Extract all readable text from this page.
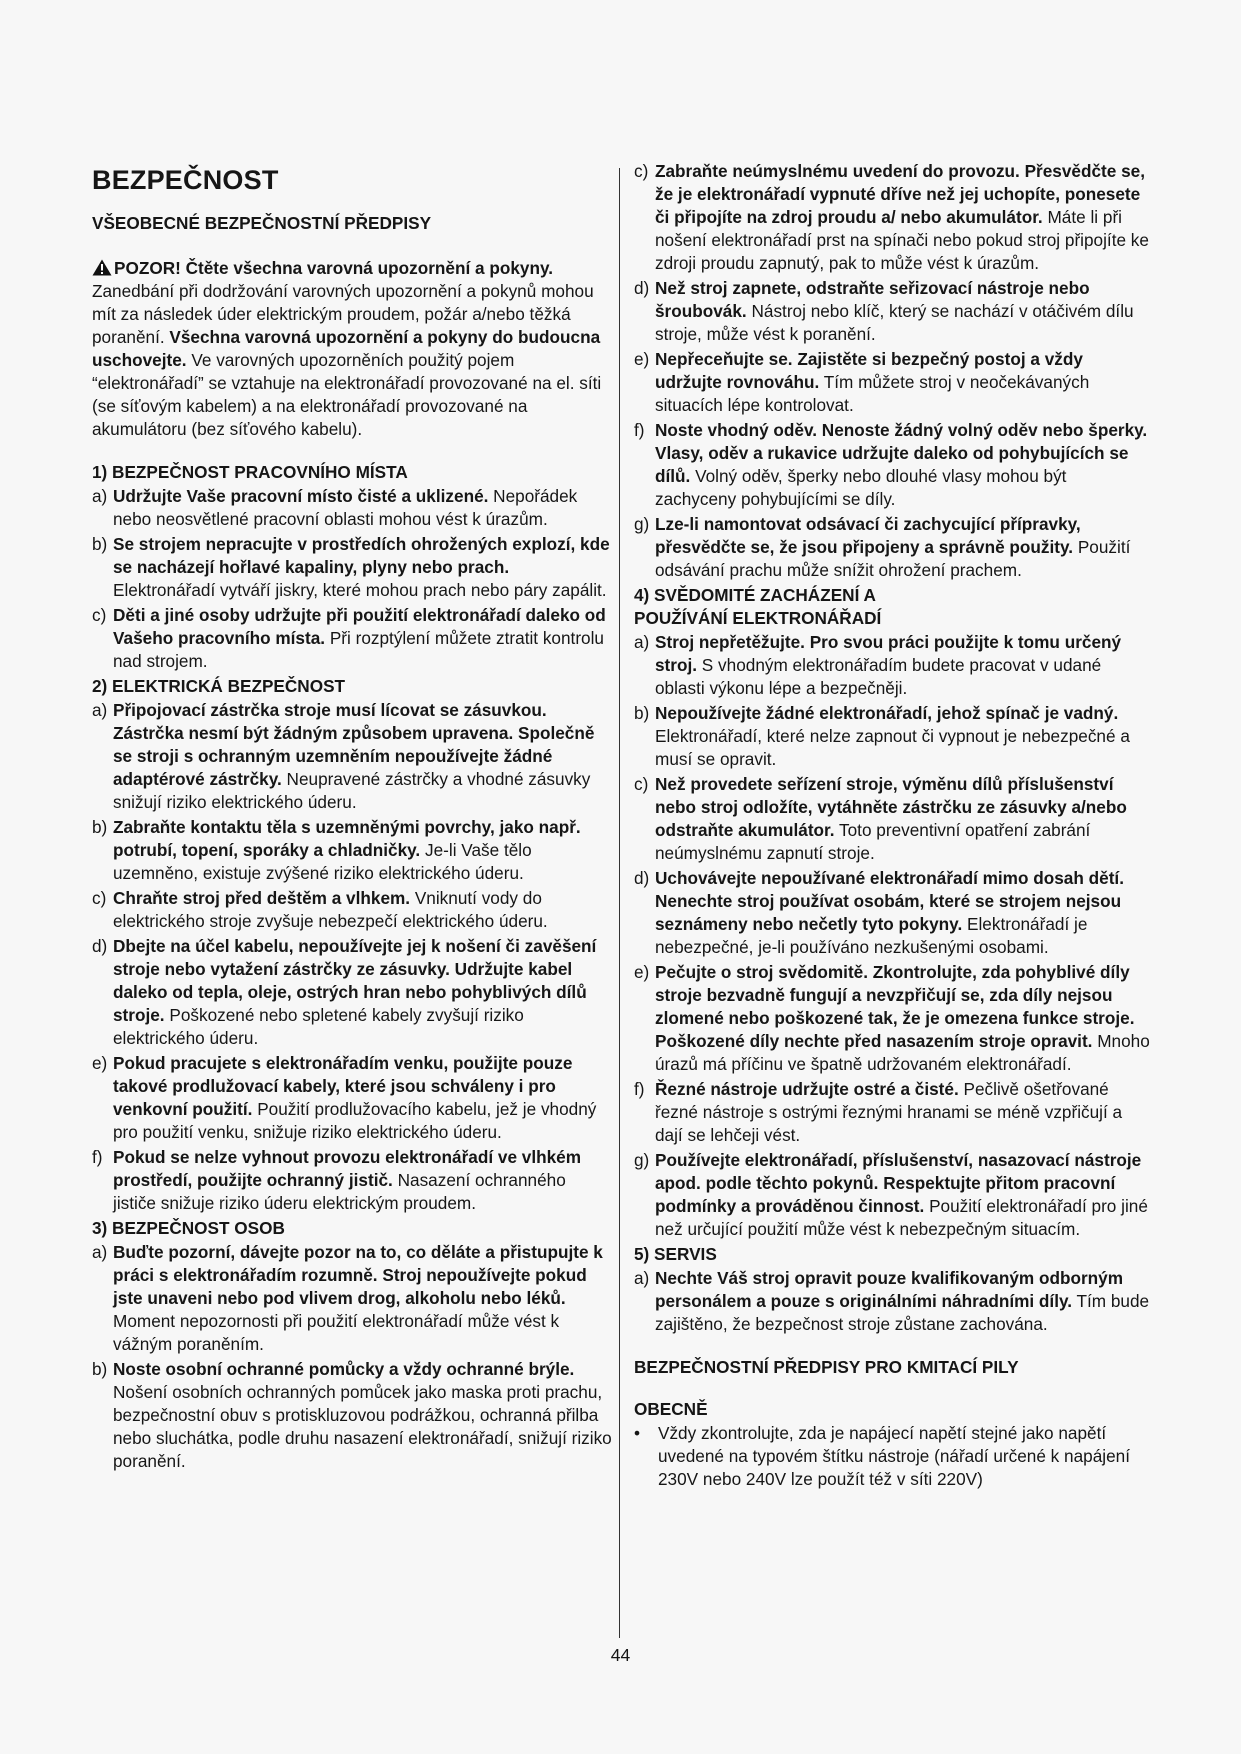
BEZPEČNOST
VŠEOBECNÉ BEZPEČNOSTNÍ PŘEDPISY
POZOR! Čtěte všechna varovná upozornění a pokyny. Zanedbání při dodržování varovných upozornění a pokynů mohou mít za následek úder elektrickým proudem, požár a/nebo těžká poranění. Všechna varovná upozornění a pokyny do budoucna uschovejte. Ve varovných upozorněních použitý pojem “elektronářadí” se vztahuje na elektronářadí provozované na el. síti (se síťovým kabelem) a na elektronářadí provozované na akumulátoru (bez síťového kabelu).
1) BEZPEČNOST PRACOVNÍHO MÍSTA
a) Udržujte Vaše pracovní místo čisté a uklizené. Nepořádek nebo neosvětlené pracovní oblasti mohou vést k úrazům.
b) Se strojem nepracujte v prostředích ohrožených explozí, kde se nacházejí hořlavé kapaliny, plyny nebo prach. Elektronářadí vytváří jiskry, které mohou prach nebo páry zapálit.
c) Děti a jiné osoby udržujte při použití elektronářadí daleko od Vašeho pracovního místa. Při rozptýlení můžete ztratit kontrolu nad strojem.
2) ELEKTRICKÁ BEZPEČNOST
a) Připojovací zástrčka stroje musí lícovat se zásuvkou. Zástrčka nesmí být žádným způsobem upravena. Společně se stroji s ochranným uzemněním nepoužívejte žádné adaptérové zástrčky. Neupravené zástrčky a vhodné zásuvky snižují riziko elektrického úderu.
b) Zabraňte kontaktu těla s uzemněnými povrchy, jako např. potrubí, topení, sporáky a chladničky. Je-li Vaše tělo uzemněno, existuje zvýšené riziko elektrického úderu.
c) Chraňte stroj před deštěm a vlhkem. Vniknutí vody do elektrického stroje zvyšuje nebezpečí elektrického úderu.
d) Dbejte na účel kabelu, nepoužívejte jej k nošení či zavěšení stroje nebo vytažení zástrčky ze zásuvky. Udržujte kabel daleko od tepla, oleje, ostrých hran nebo pohyblivých dílů stroje. Poškozené nebo spletené kabely zvyšují riziko elektrického úderu.
e) Pokud pracujete s elektronářadím venku, použijte pouze takové prodlužovací kabely, které jsou schváleny i pro venkovní použití. Použití prodlužovacího kabelu, jež je vhodný pro použití venku, snižuje riziko elektrického úderu.
f) Pokud se nelze vyhnout provozu elektronářadí ve vlhkém prostředí, použijte ochranný jistič. Nasazení ochranného jističe snižuje riziko úderu elektrickým proudem.
3) BEZPEČNOST OSOB
a) Buďte pozorní, dávejte pozor na to, co děláte a přistupujte k práci s elektronářadím rozumně. Stroj nepoužívejte pokud jste unaveni nebo pod vlivem drog, alkoholu nebo léků. Moment nepozornosti při použití elektronářadí může vést k vážným poraněním.
b) Noste osobní ochranné pomůcky a vždy ochranné brýle. Nošení osobních ochranných pomůcek jako maska proti prachu, bezpečnostní obuv s protiskluzovou podrážkou, ochranná přilba nebo sluchátka, podle druhu nasazení elektronářadí, snižují riziko poranění.
c) Zabraňte neúmyslnému uvedení do provozu. Přesvědčte se, že je elektronářadí vypnuté dříve než jej uchopíte, ponesete či připojíte na zdroj proudu a/ nebo akumulátor. Máte li při nošení elektronářadí prst na spínači nebo pokud stroj připojíte ke zdroji proudu zapnutý, pak to může vést k úrazům.
d) Než stroj zapnete, odstraňte seřizovací nástroje nebo šroubovák. Nástroj nebo klíč, který se nachází v otáčivém dílu stroje, může vést k poranění.
e) Nepřeceňujte se. Zajistěte si bezpečný postoj a vždy udržujte rovnováhu. Tím můžete stroj v neočekávaných situacích lépe kontrolovat.
f) Noste vhodný oděv. Nenoste žádný volný oděv nebo šperky. Vlasy, oděv a rukavice udržujte daleko od pohybujících se dílů. Volný oděv, šperky nebo dlouhé vlasy mohou být zachyceny pohybujícími se díly.
g) Lze-li namontovat odsávací či zachycující přípravky, přesvědčte se, že jsou připojeny a správně použity. Použití odsávání prachu může snížit ohrožení prachem.
4) SVĚDOMITÉ ZACHÁZENÍ A POUŽÍVÁNÍ ELEKTRONÁŘADÍ
a) Stroj nepřetěžujte. Pro svou práci použijte k tomu určený stroj. S vhodným elektronářadím budete pracovat v udané oblasti výkonu lépe a bezpečněji.
b) Nepoužívejte žádné elektronářadí, jehož spínač je vadný. Elektronářadí, které nelze zapnout či vypnout je nebezpečné a musí se opravit.
c) Než provedete seřízení stroje, výměnu dílů příslušenství nebo stroj odložíte, vytáhněte zástrčku ze zásuvky a/nebo odstraňte akumulátor. Toto preventivní opatření zabrání neúmyslnému zapnutí stroje.
d) Uchovávejte nepoužívané elektronářadí mimo dosah dětí. Nenechte stroj používat osobám, které se strojem nejsou seznámeny nebo nečetly tyto pokyny. Elektronářadí je nebezpečné, je-li používáno nezkušenými osobami.
e) Pečujte o stroj svědomitě. Zkontrolujte, zda pohyblivé díly stroje bezvadně fungují a nevzpřičují se, zda díly nejsou zlomené nebo poškozené tak, že je omezena funkce stroje. Poškozené díly nechte před nasazením stroje opravit. Mnoho úrazů má příčinu ve špatně udržovaném elektronářadí.
f) Řezné nástroje udržujte ostré a čisté. Pečlivě ošetřované řezné nástroje s ostrými řeznými hranami se méně vzpřičují a dají se lehčeji vést.
g) Používejte elektronářadí, příslušenství, nasazovací nástroje apod. podle těchto pokynů. Respektujte přitom pracovní podmínky a prováděnou činnost. Použití elektronářadí pro jiné než určující použití může vést k nebezpečným situacím.
5) SERVIS
a) Nechte Váš stroj opravit pouze kvalifikovaným odborným personálem a pouze s originálními náhradními díly. Tím bude zajištěno, že bezpečnost stroje zůstane zachována.
BEZPEČNOSTNÍ PŘEDPISY PRO KMITACÍ PILY
OBECNĚ
•	Vždy zkontrolujte, zda je napájecí napětí stejné jako napětí uvedené na typovém štítku nástroje (nářadí určené k napájení 230V nebo 240V lze použít též v síti 220V)
44
